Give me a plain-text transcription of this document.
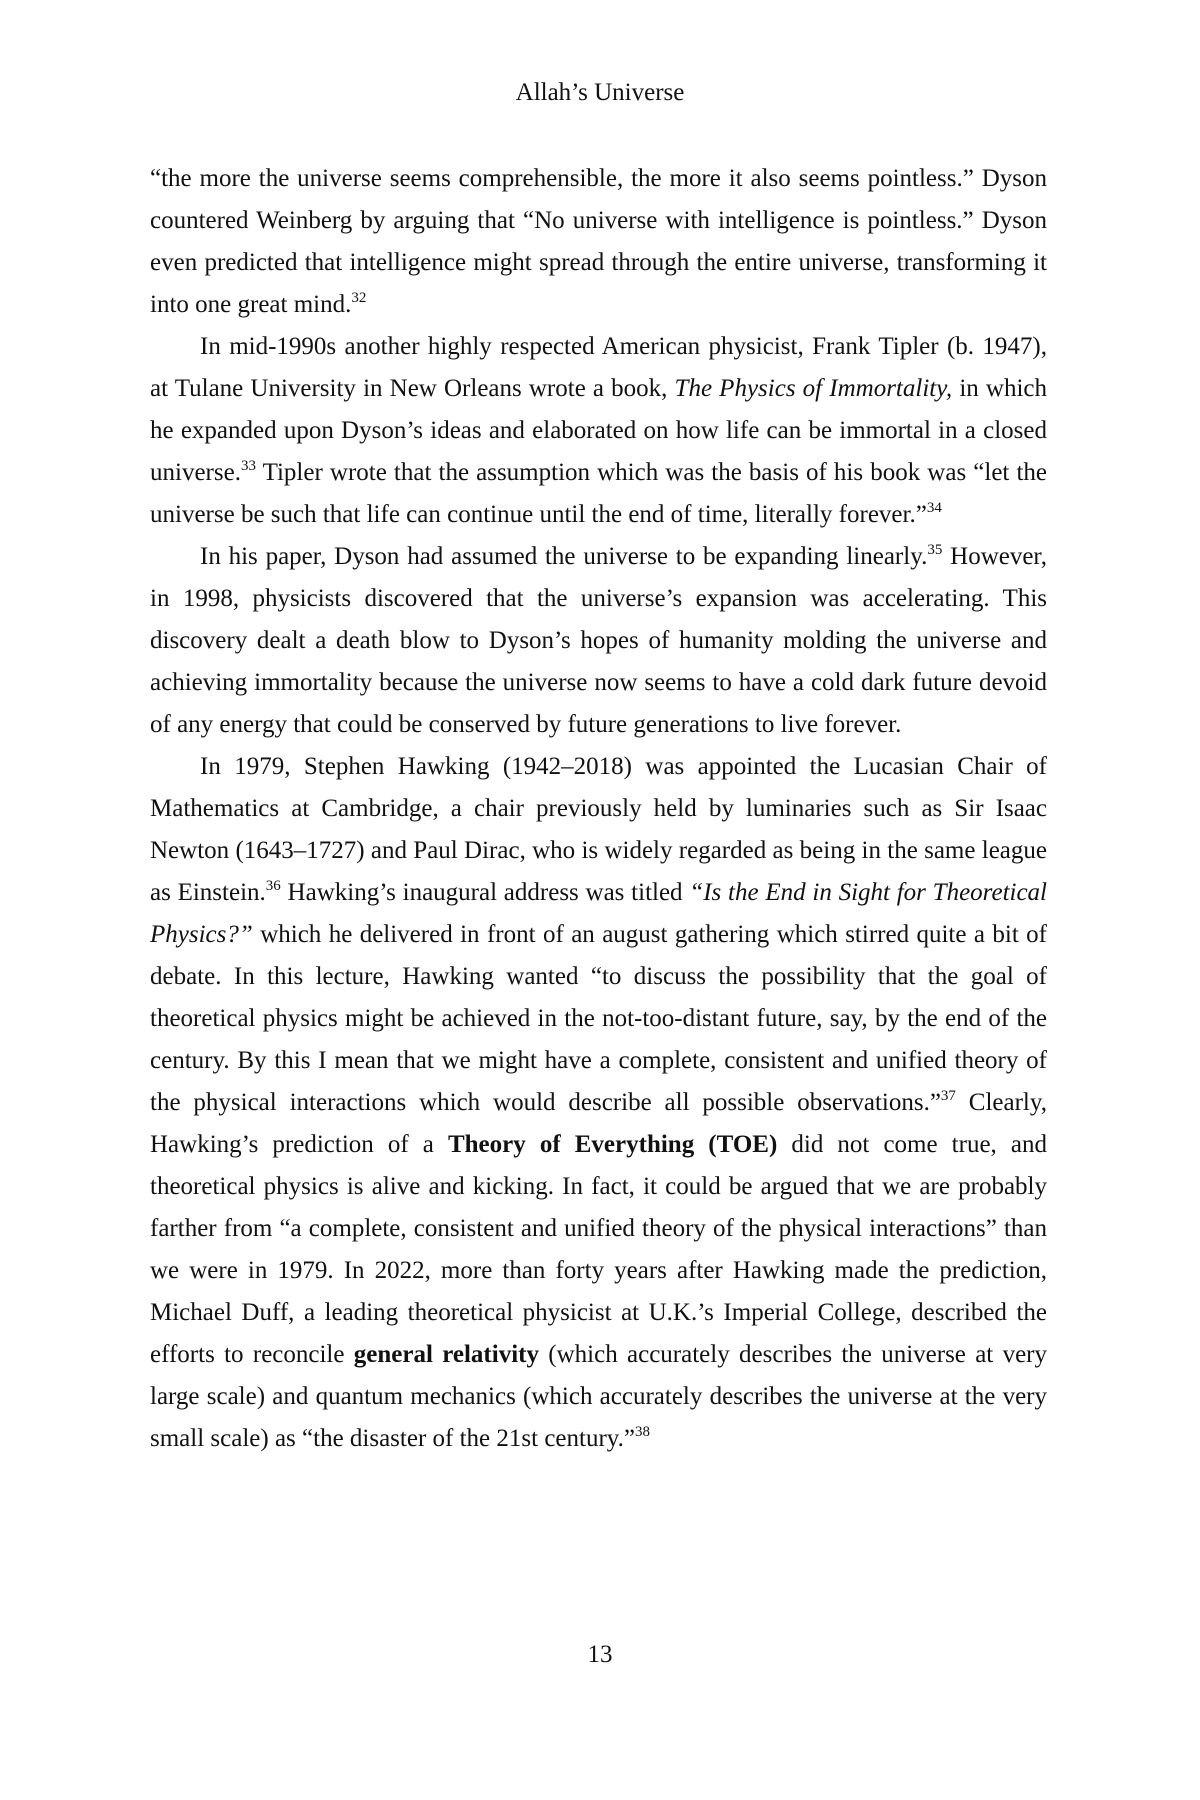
Allah’s Universe

“the more the universe seems comprehensible, the more it also seems pointless.” Dyson countered Weinberg by arguing that “No universe with intelligence is pointless.” Dyson even predicted that intelligence might spread through the entire universe, transforming it into one great mind.$^{32}$

In mid-1990s another highly respected American physicist, Frank Tipler (b. 1947), at Tulane University in New Orleans wrote a book, The Physics of Immortality, in which he expanded upon Dyson’s ideas and elaborated on how life can be immortal in a closed universe.$^{33}$ Tipler wrote that the assumption which was the basis of his book was “let the universe be such that life can continue until the end of time, literally forever.”$^{34}$

In his paper, Dyson had assumed the universe to be expanding linearly.$^{35}$ However, in 1998, physicists discovered that the universe’s expansion was accelerating. This discovery dealt a death blow to Dyson’s hopes of humanity molding the universe and achieving immortality because the universe now seems to have a cold dark future devoid of any energy that could be conserved by future generations to live forever.

In 1979, Stephen Hawking (1942–2018) was appointed the Lucasian Chair of Mathematics at Cambridge, a chair previously held by luminaries such as Sir Isaac Newton (1643–1727) and Paul Dirac, who is widely regarded as being in the same league as Einstein.$^{36}$ Hawking’s inaugural address was titled “Is the End in Sight for Theoretical Physics?” which he delivered in front of an august gathering which stirred quite a bit of debate. In this lecture, Hawking wanted “to discuss the possibility that the goal of theoretical physics might be achieved in the not-too-distant future, say, by the end of the century. By this I mean that we might have a complete, consistent and unified theory of the physical interactions which would describe all possible observations.”$^{37}$ Clearly, Hawking’s prediction of a Theory of Everything (TOE) did not come true, and theoretical physics is alive and kicking. In fact, it could be argued that we are probably farther from “a complete, consistent and unified theory of the physical interactions” than we were in 1979. In 2022, more than forty years after Hawking made the prediction, Michael Duff, a leading theoretical physicist at U.K.’s Imperial College, described the efforts to reconcile general relativity (which accurately describes the universe at very large scale) and quantum mechanics (which accurately describes the universe at the very small scale) as “the disaster of the 21st century.”$^{38}$

13
